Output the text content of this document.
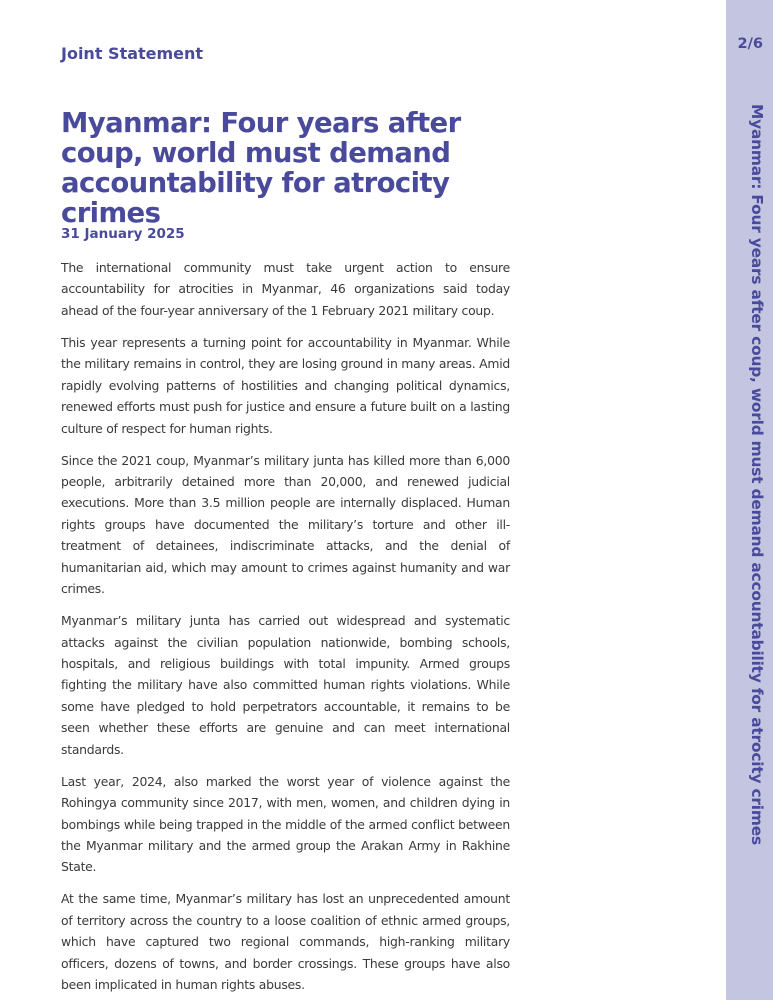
Joint Statement
Myanmar: Four years after coup, world must demand accountability for atrocity crimes
31 January 2025

The international community must take urgent action to ensure accountability for atrocities in Myanmar, 46 organizations said today ahead of the four-year anniversary of the 1 February 2021 military coup.

This year represents a turning point for accountability in Myanmar. While the military remains in control, they are losing ground in many areas. Amid rapidly evolving patterns of hostilities and changing political dynamics, renewed efforts must push for justice and ensure a future built on a lasting culture of respect for human rights.

Since the 2021 coup, Myanmar’s military junta has killed more than 6,000 people, arbitrarily detained more than 20,000, and renewed judicial executions. More than 3.5 million people are internally displaced. Human rights groups have documented the military’s torture and other ill-treatment of detainees, indiscriminate attacks, and the denial of humanitarian aid, which may amount to crimes against humanity and war crimes.

Myanmar’s military junta has carried out widespread and systematic attacks against the civilian population nationwide, bombing schools, hospitals, and religious buildings with total impunity. Armed groups fighting the military have also committed human rights violations. While some have pledged to hold perpetrators accountable, it remains to be seen whether these efforts are genuine and can meet international standards.

Last year, 2024, also marked the worst year of violence against the Rohingya community since 2017, with men, women, and children dying in bombings while being trapped in the middle of the armed conflict between the Myanmar military and the armed group the Arakan Army in Rakhine State.

At the same time, Myanmar’s military has lost an unprecedented amount of territory across the country to a loose coalition of ethnic armed groups, which have captured two regional commands, high-ranking military officers, dozens of towns, and border crossings. These groups have also been implicated in human rights abuses.

2/6
Myanmar: Four years after coup, world must demand accountability for atrocity crimes
